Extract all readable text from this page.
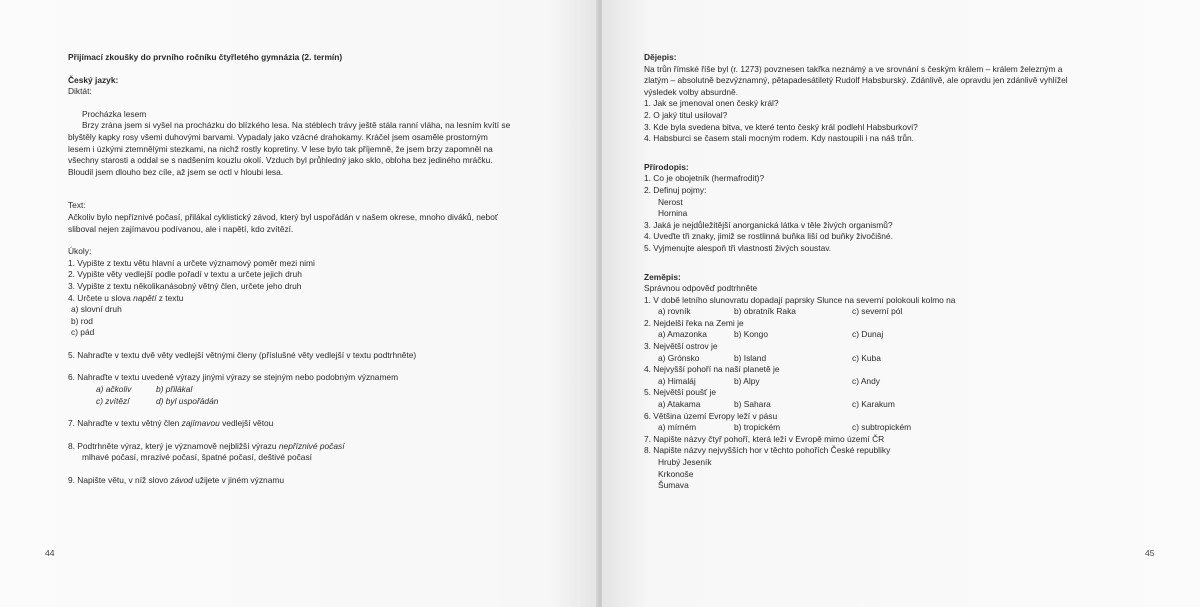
Přijímací zkoušky do prvního ročníku čtyřletého gymnázia (2. termín)
Český jazyk:
Diktát:
Procházka lesem
Brzy zrána jsem si vyšel na procházku do blízkého lesa. Na stéblech trávy ještě stála ranní vláha, na lesním kvítí se
blyštěly kapky rosy všemi duhovými barvami. Vypadaly jako vzácné drahokamy. Kráčel jsem osamělе prostorným
lesem i úzkými ztemnělými stezkami, na nichž rostly kopretiny. V lese bylo tak příjemně, že jsem brzy zapomněl na
všechny starosti a oddal se s nadšením kouzlu okolí. Vzduch byl průhledný jako sklo, obloha bez jediného mráčku.
Bloudil jsem dlouho bez cíle, až jsem se octl v hloubi lesa.
Text:
Ačkoliv bylo nepříznivé počasí, přilákal cyklistický závod, který byl uspořádán v našem okrese, mnoho diváků, neboť
sliboval nejen zajímavou podívanou, ale i napětí, kdo zvítězí.
Úkoly:
1. Vypište z textu větu hlavní a určete významový poměr mezi nimi
2. Vypište věty vedlejší podle pořadí v textu a určete jejich druh
3. Vypište z textu několikanásobný větný člen, určete jeho druh
4. Určete u slova napětí z textu
a) slovní druh
b) rod
c) pád
5. Nahraďte v textu dvě věty vedlejší větnými členy (příslušné věty vedlejší v textu podtrhněte)
6. Nahraďte v textu uvedené výrazy jinými výrazy se stejným nebo podobným významem
a) ačkoliv	b) přilákal
c) zvítězí	d) byl uspořádán
7. Nahraďte v textu větný člen zajímavou vedlejší větou
8. Podtrhněte výraz, který je významově nejbližší výrazu nepříznivé počasí
mlhavé počasí, mrazivé počasí, špatné počasí, deštivé počasí
9. Napište větu, v níž slovo závod užijete v jiném významu
44
Dějepis:
Na trůn římské říše byl (r. 1273) povznesen takřka neznámý a ve srovnání s českým králem – králem železným a
zlatým – absolutně bezvýznamný, pětapadesátiletý Rudolf Habsburský. Zdánlivě, ale opravdu jen zdánlivě vyhlížel
výsledek volby absurdně.
1. Jak se jmenoval onen český král?
2. O jaký titul usiloval?
3. Kde byla svedena bitva, ve které tento český král podlehl Habsburkovi?
4. Habsburci se časem stali mocným rodem. Kdy nastoupili i na náš trůn.
Přírodopis:
1. Co je obojetník (hermafrodit)?
2. Definuj pojmy:
Nerost
Hornina
3. Jaká je nejdůležitější anorganická látka v těle živých organismů?
4. Uveďte tři znaky, jimiž se rostlinná buňka liší od buňky živočišné.
5. Vyjmenujte alespoň tři vlastnosti živých soustav.
Zeměpis:
Správnou odpověď podtrhněte
1. V době letního slunovratu dopadají paprsky Slunce na severní polokouli kolmo na
a) rovník	b) obratník Raka	c) severní pól
2. Nejdelší řeka na Zemi je
a) Amazonka	b) Kongo	c) Dunaj
3. Největší ostrov je
a) Grónsko	b) Island	c) Kuba
4. Nejvyšší pohoří na naší planetě je
a) Himaláj	b) Alpy	c) Andy
5. Největší poušť je
a) Atakama	b) Sahara	c) Karakum
6. Většina území Evropy leží v pásu
a) mírném	b) tropickém	c) subtropickém
7. Napište názvy čtyř pohoří, která leží v Evropě mimo území ČR
8. Napište názvy nejvyšších hor v těchto pohořích České republiky
Hrubý Jeseník
Krkonoše
Šumava
45
